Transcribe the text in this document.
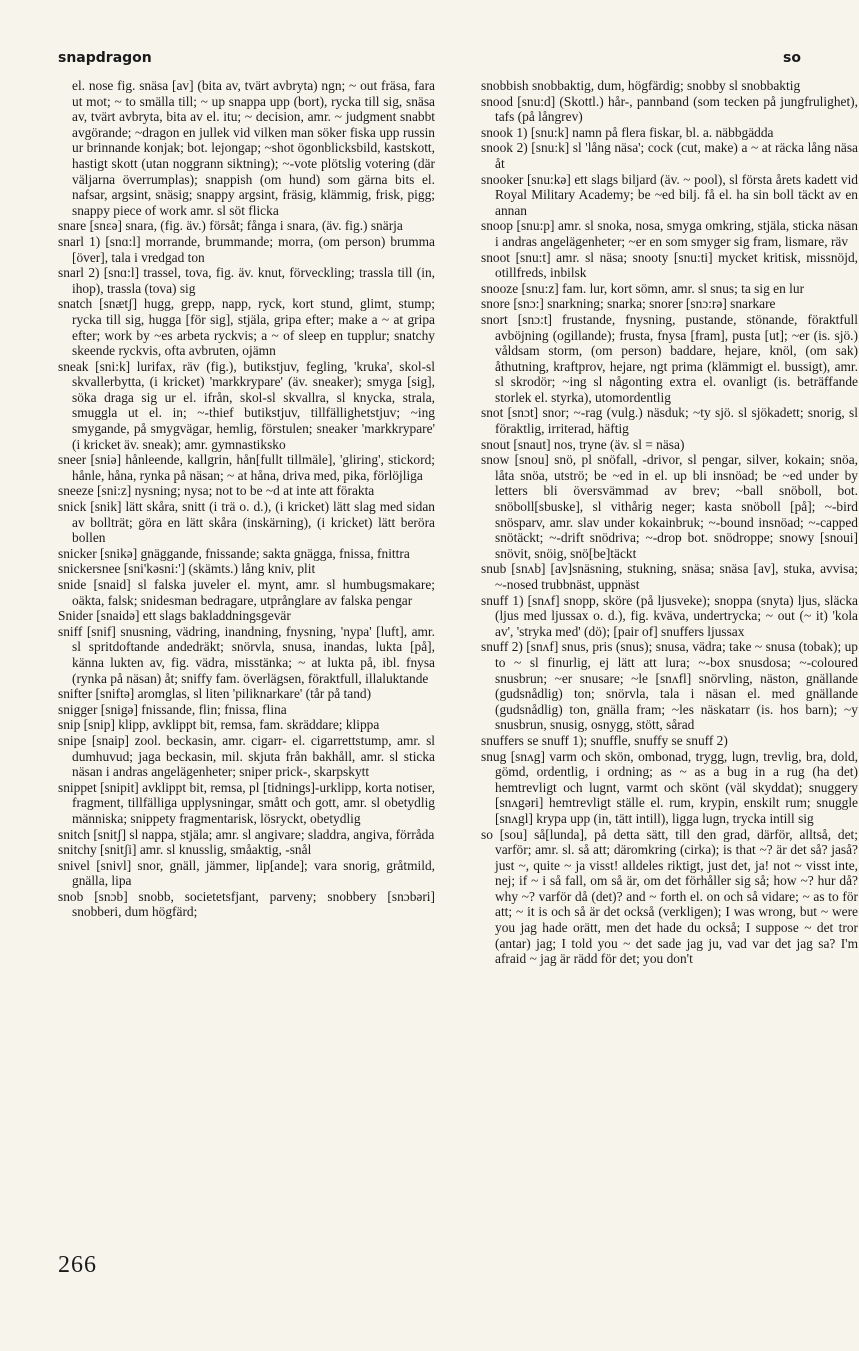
snapdragon	so

el. nose fig. snäsa [av] (bita av, tvärt avbryta) ngn; ~ out fräsa, fara ut mot; ~ to smälla till; ~ up snappa upp (bort), rycka till sig, snäsa av, tvärt avbryta, bita av el. itu; ~ decision, amr. ~ judgment snabbt avgörande; ~dragon en jullek vid vilken man söker fiska upp russin ur brinnande konjak; bot. lejongap; ~shot ögonblicksbild, kastskott, hastigt skott (utan noggrann siktning); ~-vote plötslig votering (där väljarna överrumplas); snappish (om hund) som gärna bits el. nafsar, argsint, snäsig; snappy argsint, fräsig, klämmig, frisk, pigg; snappy piece of work amr. sl söt flicka

snare [snɛə] snara, (fig. äv.) försåt; fånga i snara, (äv. fig.) snärja

snarl 1) [snɑ:l] morrande, brummande; morra, (om person) brumma [över], tala i vredgad ton

snarl 2) [snɑ:l] trassel, tova, fig. äv. knut, förveckling; trassla till (in, ihop), trassla (tova) sig

snatch [snætʃ] hugg, grepp, napp, ryck, kort stund, glimt, stump; rycka till sig, hugga [för sig], stjäla, gripa efter; make a ~ at gripa efter; work by ~es arbeta ryckvis; a ~ of sleep en tupplur; snatchy skeende ryckvis, ofta avbruten, ojämn

sneak [sni:k] lurifax, räv (fig.), butikstjuv, fegling, 'kruka', skol-sl skvallerbytta, (i kricket) 'markkrypare' (äv. sneaker); smyga [sig], söka draga sig ur el. ifrån, skol-sl skvallra, sl knycka, strala, smuggla ut el. in; ~-thief butikstjuv, tillfällighetstjuv; ~ing smygande, på smygvägar, hemlig, förstulen; sneaker 'markkrypare' (i kricket äv. sneak); amr. gymnastiksko

sneer [sniə] hånleende, kallgrin, hån[fullt tillmäle], 'gliring', stickord; hånle, håna, rynka på näsan; ~ at håna, driva med, pika, förlöjliga

sneeze [sni:z] nysning; nysa; not to be ~d at inte att förakta

snick [snik] lätt skåra, snitt (i trä o. d.), (i kricket) lätt slag med sidan av bollträt; göra en lätt skåra (inskärning), (i kricket) lätt beröra bollen

snicker [snikə] gnäggande, fnissande; sakta gnägga, fnissa, fnittra

snickersnee [sni'kəsni:'] (skämts.) lång kniv, plit

snide [snaid] sl falska juveler el. mynt, amr. sl humbugsmakare; oäkta, falsk; snidesman bedragare, utprånglare av falska pengar

Snider [snaidə] ett slags bakladdningsgevär

sniff [snif] snusning, vädring, inandning, fnysning, 'nypa' [luft], amr. sl spritdoftande andedräkt; snörvla, snusa, inandas, lukta [på], känna lukten av, fig. vädra, misstänka; ~ at lukta på, ibl. fnysa (rynka på näsan) åt; sniffy fam. överlägsen, föraktfull, illaluktande

snifter [sniftə] aromglas, sl liten 'piliknarkare' (tår på tand)

snigger [snigə] fnissande, flin; fnissa, flina

snip [snip] klipp, avklippt bit, remsa, fam. skräddare; klippa

snipe [snaip] zool. beckasin, amr. cigarr- el. cigarrettstump, amr. sl dumhuvud; jaga beckasin, mil. skjuta från bakhåll, amr. sl sticka näsan i andras angelägenheter; sniper prick-, skarpskytt

snippet [snipit] avklippt bit, remsa, pl [tidnings]-urklipp, korta notiser, fragment, tillfälliga upplysningar, smått och gott, amr. sl obetydlig människa; snippety fragmentarisk, lösryckt, obetydlig

snitch [snitʃ] sl nappa, stjäla; amr. sl angivare; sladdra, angiva, förråda

snitchy [snitʃi] amr. sl knusslig, småaktig, -snål

snivel [snivl] snor, gnäll, jämmer, lip[ande]; vara snorig, gråtmild, gnälla, lipa

snob [snɔb] snobb, societetsfjant, parveny; snobbery [snɔbəri] snobberi, dum högfärd;

snobbish snobbaktig, dum, högfärdig; snobby sl snobbaktig

snood [snu:d] (Skottl.) hår-, pannband (som tecken på jungfrulighet), tafs (på långrev)

snook 1) [snu:k] namn på flera fiskar, bl. a. näbbgädda

snook 2) [snu:k] sl 'lång näsa'; cock (cut, make) a ~ at räcka lång näsa åt

snooker [snu:kə] ett slags biljard (äv. ~ pool), sl första årets kadett vid Royal Military Academy; be ~ed bilj. få el. ha sin boll täckt av en annan

snoop [snu:p] amr. sl snoka, nosa, smyga omkring, stjäla, sticka näsan i andras angelägenheter; ~er en som smyger sig fram, lismare, räv

snoot [snu:t] amr. sl näsa; snooty [snu:ti] mycket kritisk, missnöjd, otillfreds, inbilsk

snooze [snu:z] fam. lur, kort sömn, amr. sl snus; ta sig en lur

snore [snɔ:] snarkning; snarka; snorer [snɔ:rə] snarkare

snort [snɔ:t] frustande, fnysning, pustande, stönande, föraktfull avböjning (ogillande); frusta, fnysa [fram], pusta [ut]; ~er (is. sjö.) våldsam storm, (om person) baddare, hejare, knöl, (om sak) åthutning, kraftprov, hejare, ngt prima (klämmigt el. bussigt), amr. sl skrodör; ~ing sl någonting extra el. ovanligt (is. beträffande storlek el. styrka), utomordentlig

snot [snɔt] snor; ~-rag (vulg.) näsduk; ~ty sjö. sl sjökadett; snorig, sl föraktlig, irriterad, häftig

snout [snaut] nos, tryne (äv. sl = näsa)

snow [snou] snö, pl snöfall, -drivor, sl pengar, silver, kokain; snöa, låta snöa, utströ; be ~ed in el. up bli insnöad; be ~ed under by letters bli översvämmad av brev; ~ball snöboll, bot. snöboll[sbuske], sl vithårig neger; kasta snöboll [på]; ~-bird snösparv, amr. slav under kokainbruk; ~-bound insnöad; ~-capped snötäckt; ~-drift snödriva; ~-drop bot. snödroppe; snowy [snoui] snövit, snöig, snö[be]täckt

snub [snʌb] [av]snäsning, stukning, snäsa; snäsa [av], stuka, avvisa; ~-nosed trubbnäst, uppnäst

snuff 1) [snʌf] snopp, sköre (på ljusveke); snoppa (snyta) ljus, släcka (ljus med ljussax o. d.), fig. kväva, undertrycka; ~ out (~ it) 'kola av', 'stryka med' (dö); [pair of] snuffers ljussax

snuff 2) [snʌf] snus, pris (snus); snusa, vädra; take ~ snusa (tobak); up to ~ sl finurlig, ej lätt att lura; ~-box snusdosa; ~-coloured snusbrun; ~er snusare; ~le [snʌfl] snörvling, näston, gnällande (gudsnådlig) ton; snörvla, tala i näsan el. med gnällande (gudsnådlig) ton, gnälla fram; ~les näskatarr (is. hos barn); ~y snusbrun, snusig, osnygg, stött, sårad

snuffers se snuff 1); snuffle, snuffy se snuff 2)

snug [snʌg] varm och skön, ombonad, trygg, lugn, trevlig, bra, dold, gömd, ordentlig, i ordning; as ~ as a bug in a rug (ha det) hemtrevligt och lugnt, varmt och skönt (väl skyddat); snuggery [snʌgəri] hemtrevligt ställe el. rum, krypin, enskilt rum; snuggle [snʌgl] krypa upp (in, tätt intill), ligga lugn, trycka intill sig

so [sou] så[lunda], på detta sätt, till den grad, därför, alltså, det; varför; amr. sl. så att; däromkring (cirka); is that ~? är det så? jaså? just ~, quite ~ ja visst! alldeles riktigt, just det, ja! not ~ visst inte, nej; if ~ i så fall, om så är, om det förhåller sig så; how ~? hur då? why ~? varför då (det)? and ~ forth el. on och så vidare; ~ as to för att; ~ it is och så är det också (verkligen); I was wrong, but ~ were you jag hade orätt, men det hade du också; I suppose ~ det tror (antar) jag; I told you ~ det sade jag ju, vad var det jag sa? I'm afraid ~ jag är rädd för det; you don't

266
